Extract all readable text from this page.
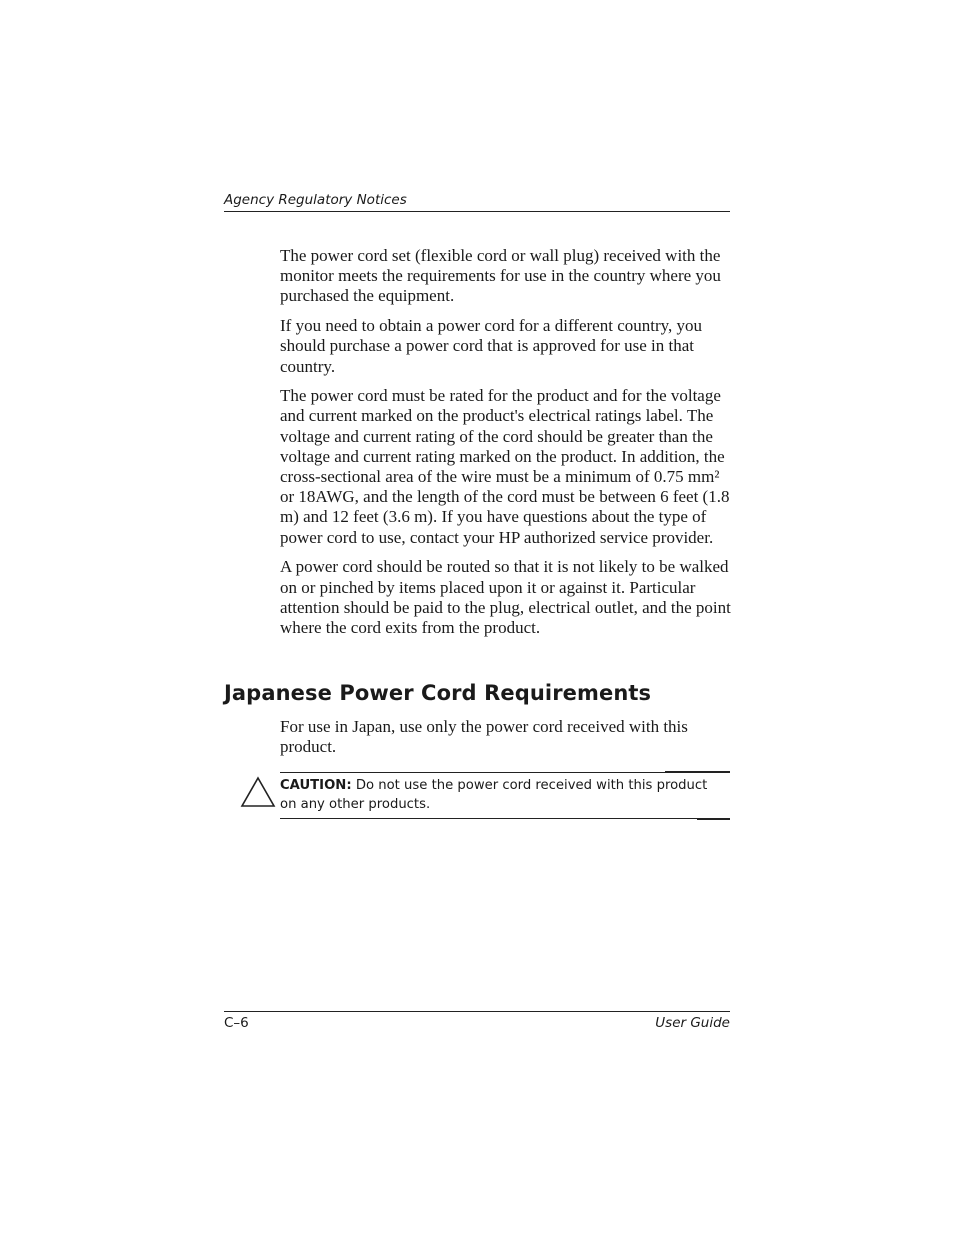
Agency Regulatory Notices

The power cord set (flexible cord or wall plug) received with the monitor meets the requirements for use in the country where you purchased the equipment.

If you need to obtain a power cord for a different country, you should purchase a power cord that is approved for use in that country.

The power cord must be rated for the product and for the voltage and current marked on the product's electrical ratings label. The voltage and current rating of the cord should be greater than the voltage and current rating marked on the product. In addition, the cross-sectional area of the wire must be a minimum of 0.75 mm² or 18AWG, and the length of the cord must be between 6 feet (1.8 m) and 12 feet (3.6 m). If you have questions about the type of power cord to use, contact your HP authorized service provider.

A power cord should be routed so that it is not likely to be walked on or pinched by items placed upon it or against it. Particular attention should be paid to the plug, electrical outlet, and the point where the cord exits from the product.

Japanese Power Cord Requirements

For use in Japan, use only the power cord received with this product.

CAUTION: Do not use the power cord received with this product on any other products.

C–6	User Guide
